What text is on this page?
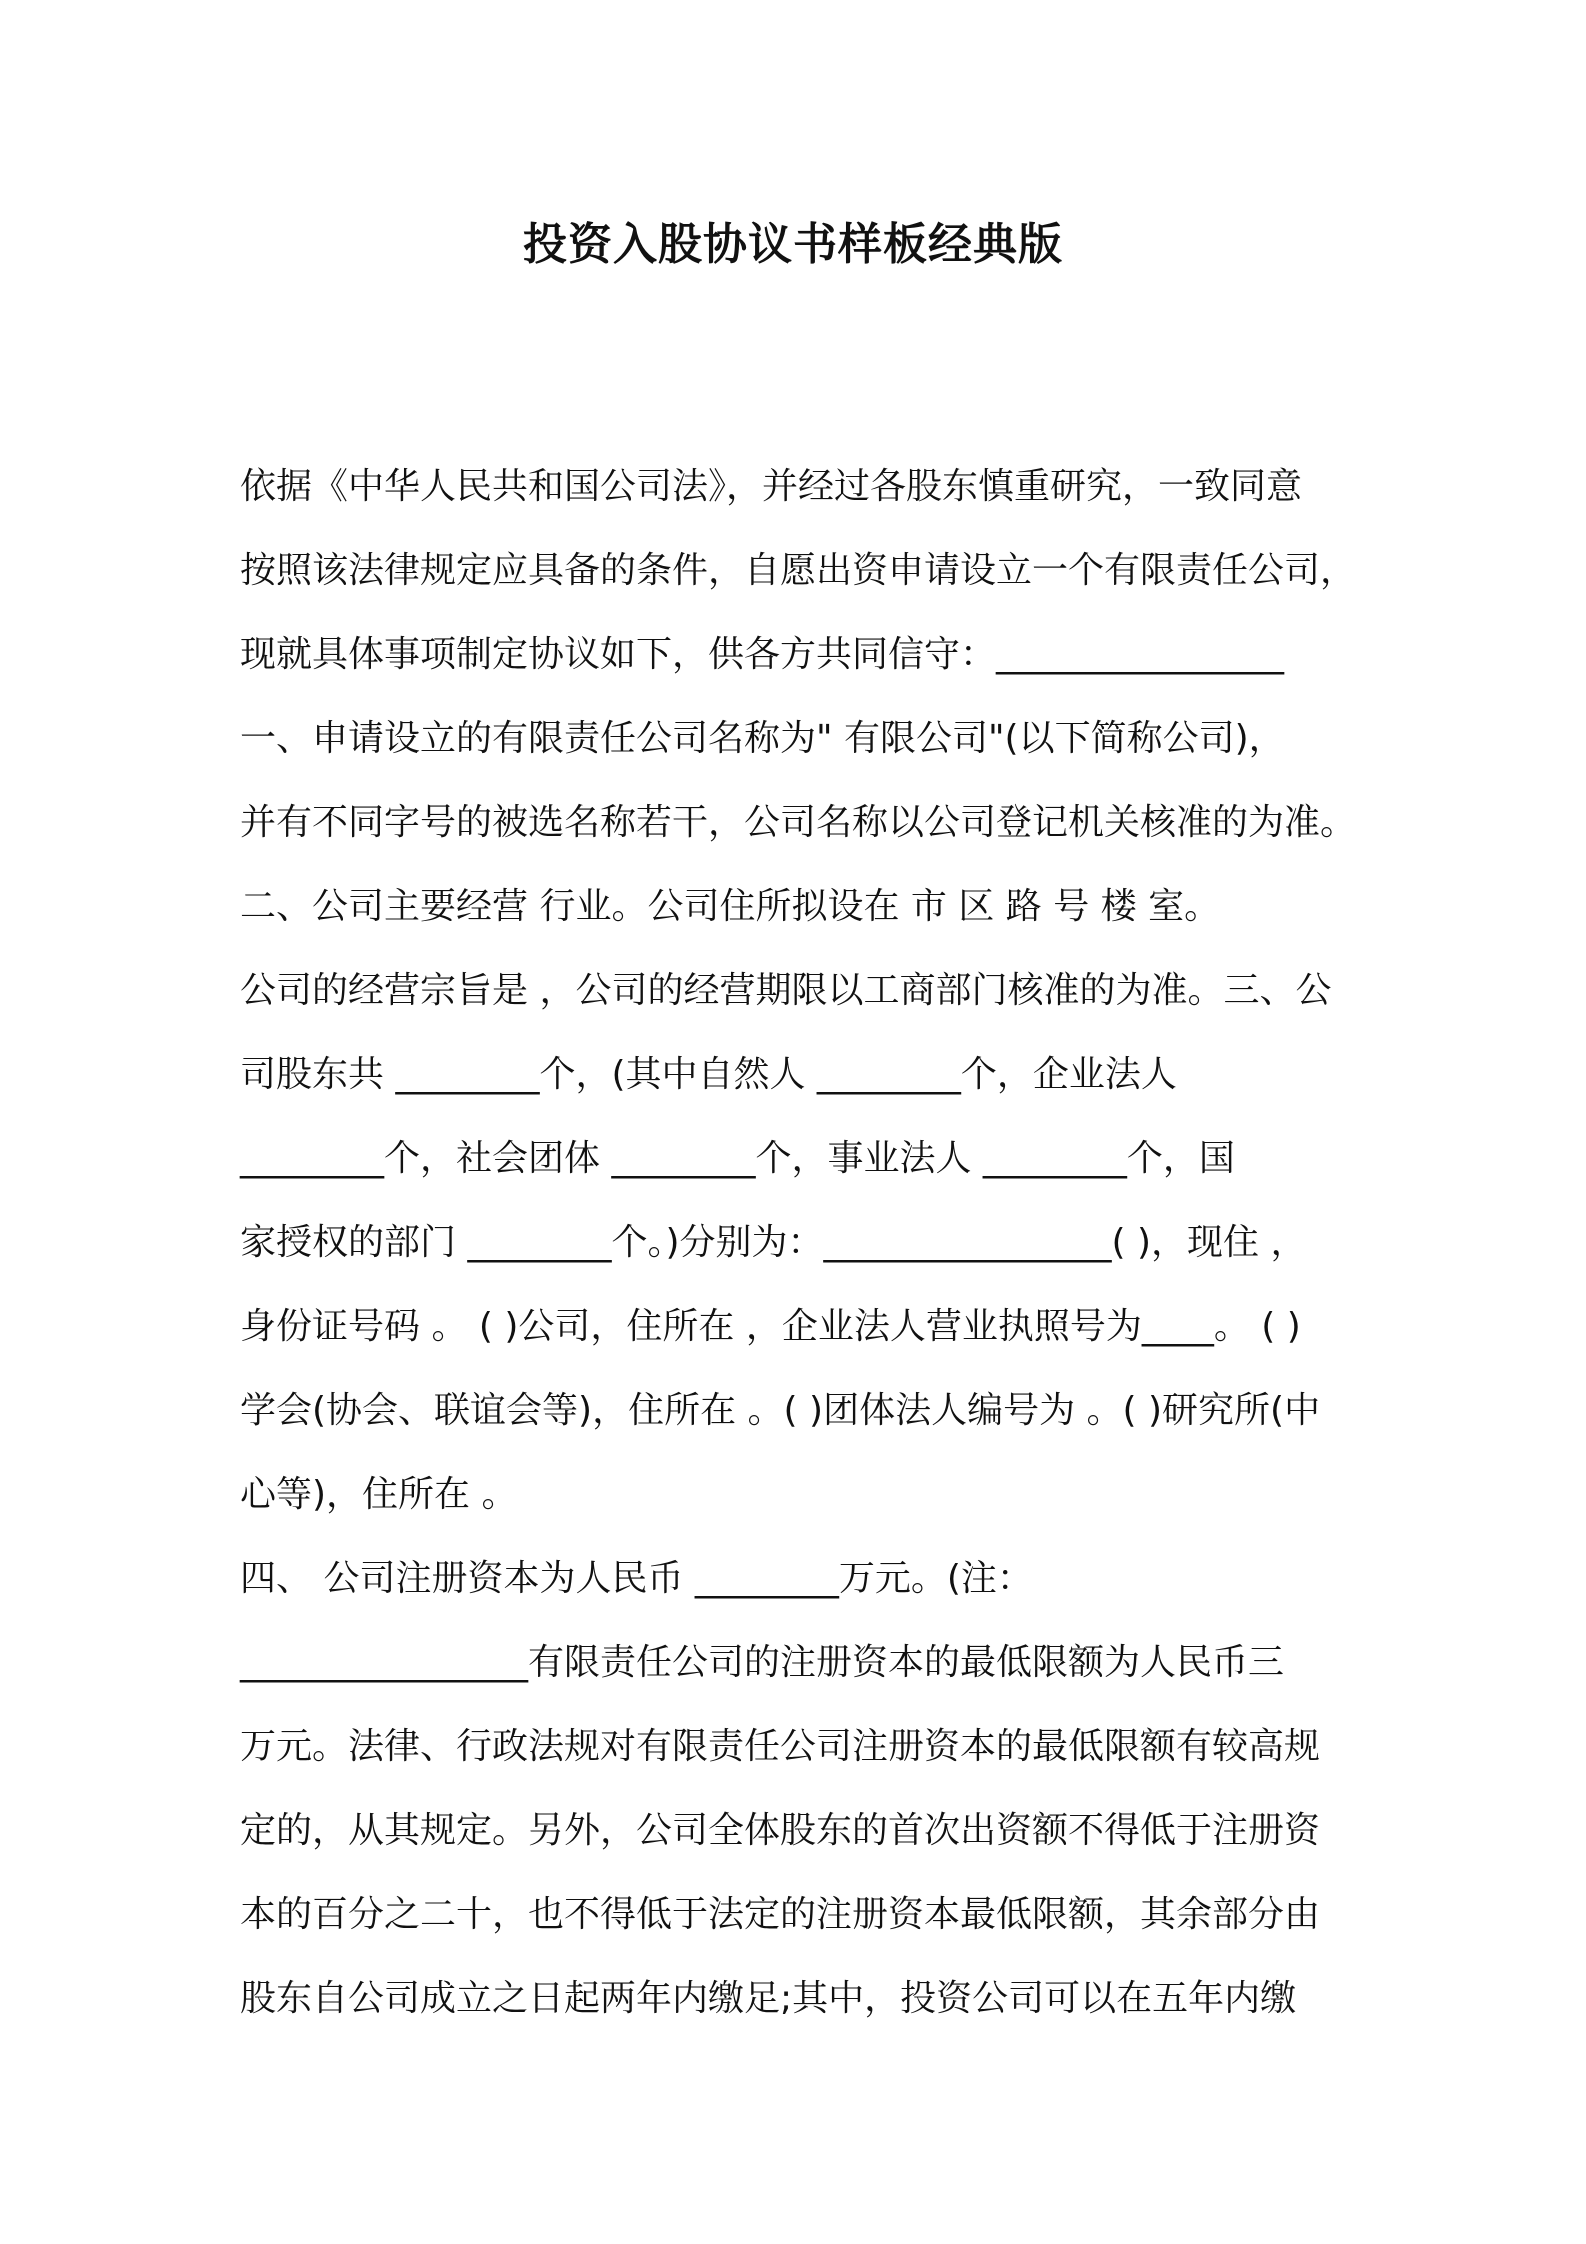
投资入股协议书样板经典版
依据《中华人民共和国公司法》，并经过各股东慎重研究，一致同意
按照该法律规定应具备的条件，自愿出资申请设立一个有限责任公司，
现就具体事项制定协议如下，供各方共同信守：________________
一、申请设立的有限责任公司名称为" 有限公司"(以下简称公司)，
并有不同字号的被选名称若干，公司名称以公司登记机关核准的为准。
二、公司主要经营 行业。公司住所拟设在 市 区 路 号 楼 室。
公司的经营宗旨是 ，公司的经营期限以工商部门核准的为准。三、公
司股东共 ________个，(其中自然人 ________个，企业法人
________个，社会团体 ________个，事业法人 ________个，国
家授权的部门 ________个。)分别为：________________( )，现住 ，
身份证号码 。 ( )公司，住所在 ，企业法人营业执照号为____。 ( )
学会(协会、联谊会等)，住所在 。( )团体法人编号为 。( )研究所(中
心等)，住所在 。
四、 公司注册资本为人民币 ________万元。(注：
________________有限责任公司的注册资本的最低限额为人民币三
万元。法律、行政法规对有限责任公司注册资本的最低限额有较高规
定的，从其规定。另外，公司全体股东的首次出资额不得低于注册资
本的百分之二十，也不得低于法定的注册资本最低限额，其余部分由
股东自公司成立之日起两年内缴足;其中，投资公司可以在五年内缴
